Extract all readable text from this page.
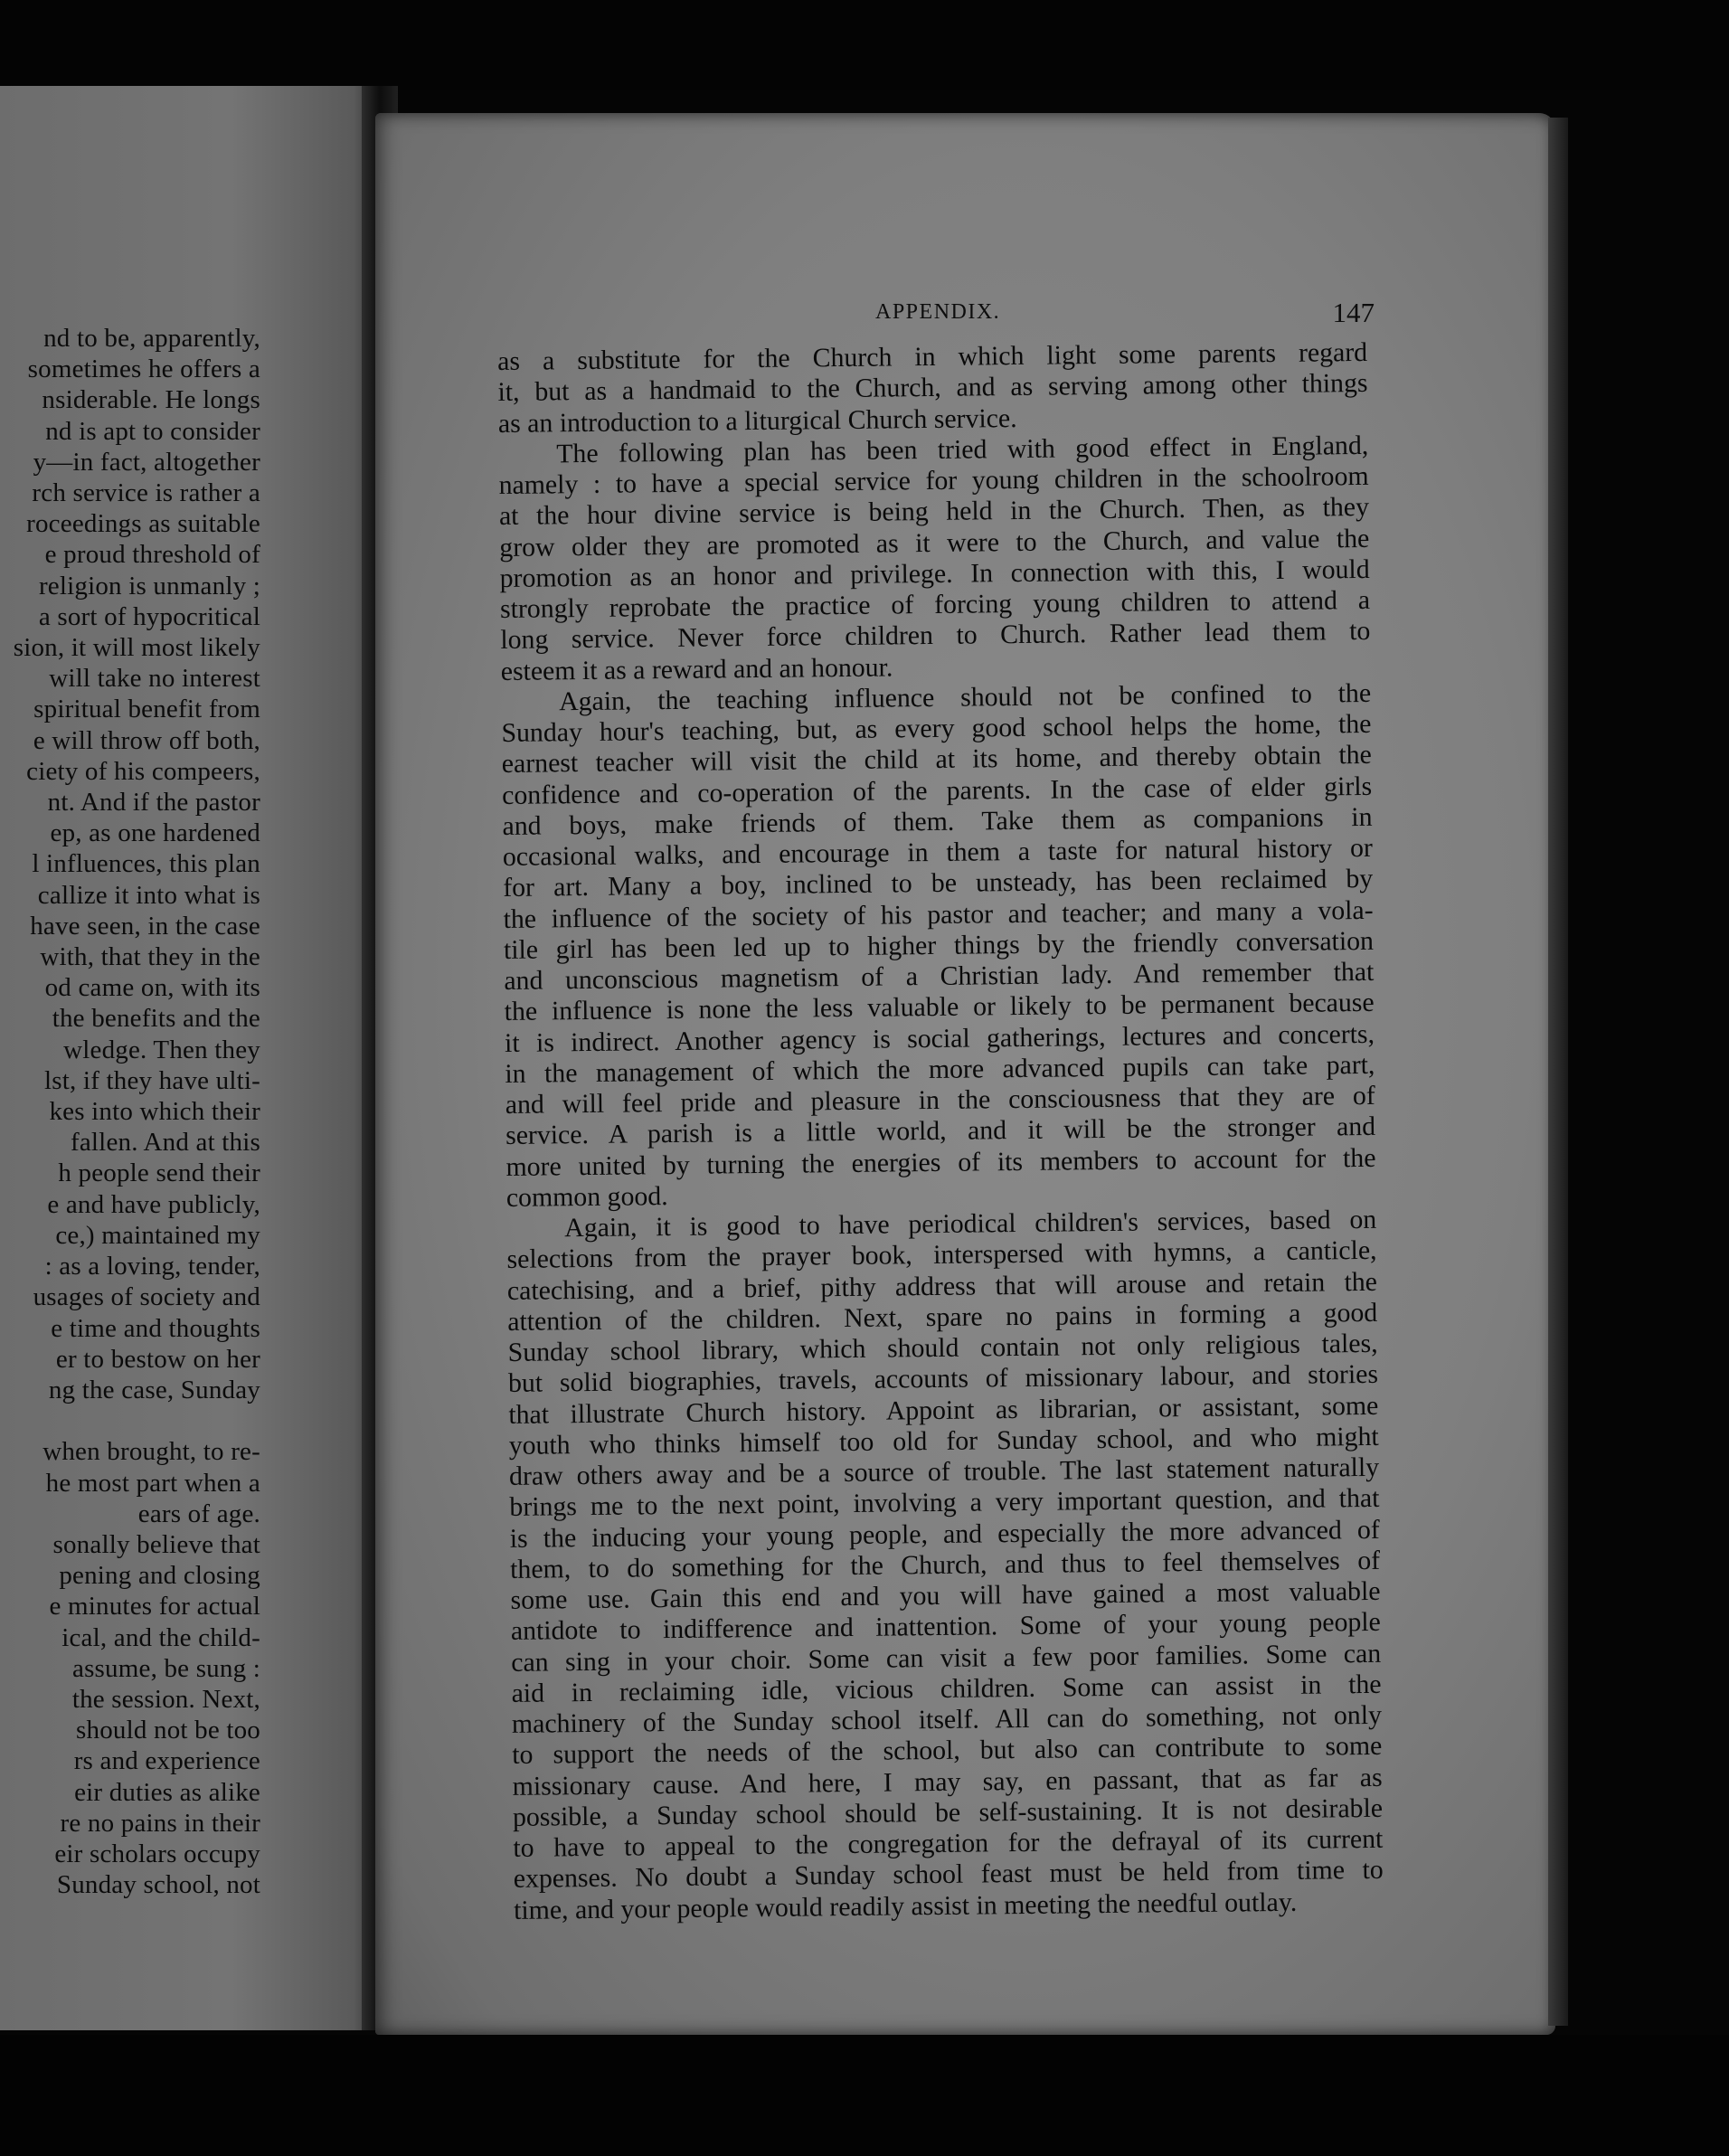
nd to be, apparently,
sometimes he offers a
nsiderable. He longs
nd is apt to consider
y—in fact, altogether
rch service is rather a
roceedings as suitable
e proud threshold of
religion is unmanly ;
a sort of hypocritical
sion, it will most likely
will take no interest
spiritual benefit from
e will throw off both,
ciety of his compeers,
nt. And if the pastor
ep, as one hardened
l influences, this plan
callize it into what is
have seen, in the case
with, that they in the
od came on, with its
the benefits and the
wledge. Then they
lst, if they have ulti-
kes into which their
fallen. And at this
h people send their
e and have publicly,
ce,) maintained my
: as a loving, tender,
usages of society and
e time and thoughts
er to bestow on her
ng the case, Sunday

when brought, to re-
he most part when a
ears of age.
sonally believe that
pening and closing
e minutes for actual
ical, and the child-
assume, be sung :
the session. Next,
should not be too
rs and experience
eir duties as alike
re no pains in their
eir scholars occupy
Sunday school, not
APPENDIX.	147
as a substitute for the Church in which light some parents regard
it, but as a handmaid to the Church, and as serving among other things
as an introduction to a liturgical Church service.
The following plan has been tried with good effect in England,
namely : to have a special service for young children in the schoolroom
at the hour divine service is being held in the Church. Then, as they
grow older they are promoted as it were to the Church, and value the
promotion as an honor and privilege. In connection with this, I would
strongly reprobate the practice of forcing young children to attend a
long service. Never force children to Church. Rather lead them to
esteem it as a reward and an honour.
Again, the teaching influence should not be confined to the
Sunday hour's teaching, but, as every good school helps the home, the
earnest teacher will visit the child at its home, and thereby obtain the
confidence and co-operation of the parents. In the case of elder girls
and boys, make friends of them. Take them as companions in
occasional walks, and encourage in them a taste for natural history or
for art. Many a boy, inclined to be unsteady, has been reclaimed by
the influence of the society of his pastor and teacher; and many a vola-
tile girl has been led up to higher things by the friendly conversation
and unconscious magnetism of a Christian lady. And remember that
the influence is none the less valuable or likely to be permanent because
it is indirect. Another agency is social gatherings, lectures and concerts,
in the management of which the more advanced pupils can take part,
and will feel pride and pleasure in the consciousness that they are of
service. A parish is a little world, and it will be the stronger and
more united by turning the energies of its members to account for the
common good.
Again, it is good to have periodical children's services, based on
selections from the prayer book, interspersed with hymns, a canticle,
catechising, and a brief, pithy address that will arouse and retain the
attention of the children. Next, spare no pains in forming a good
Sunday school library, which should contain not only religious tales,
but solid biographies, travels, accounts of missionary labour, and stories
that illustrate Church history. Appoint as librarian, or assistant, some
youth who thinks himself too old for Sunday school, and who might
draw others away and be a source of trouble. The last statement naturally
brings me to the next point, involving a very important question, and that
is the inducing your young people, and especially the more advanced of
them, to do something for the Church, and thus to feel themselves of
some use. Gain this end and you will have gained a most valuable
antidote to indifference and inattention. Some of your young people
can sing in your choir. Some can visit a few poor families. Some can
aid in reclaiming idle, vicious children. Some can assist in the
machinery of the Sunday school itself. All can do something, not only
to support the needs of the school, but also can contribute to some
missionary cause. And here, I may say, en passant, that as far as
possible, a Sunday school should be self-sustaining. It is not desirable
to have to appeal to the congregation for the defrayal of its current
expenses. No doubt a Sunday school feast must be held from time to
time, and your people would readily assist in meeting the needful outlay.
